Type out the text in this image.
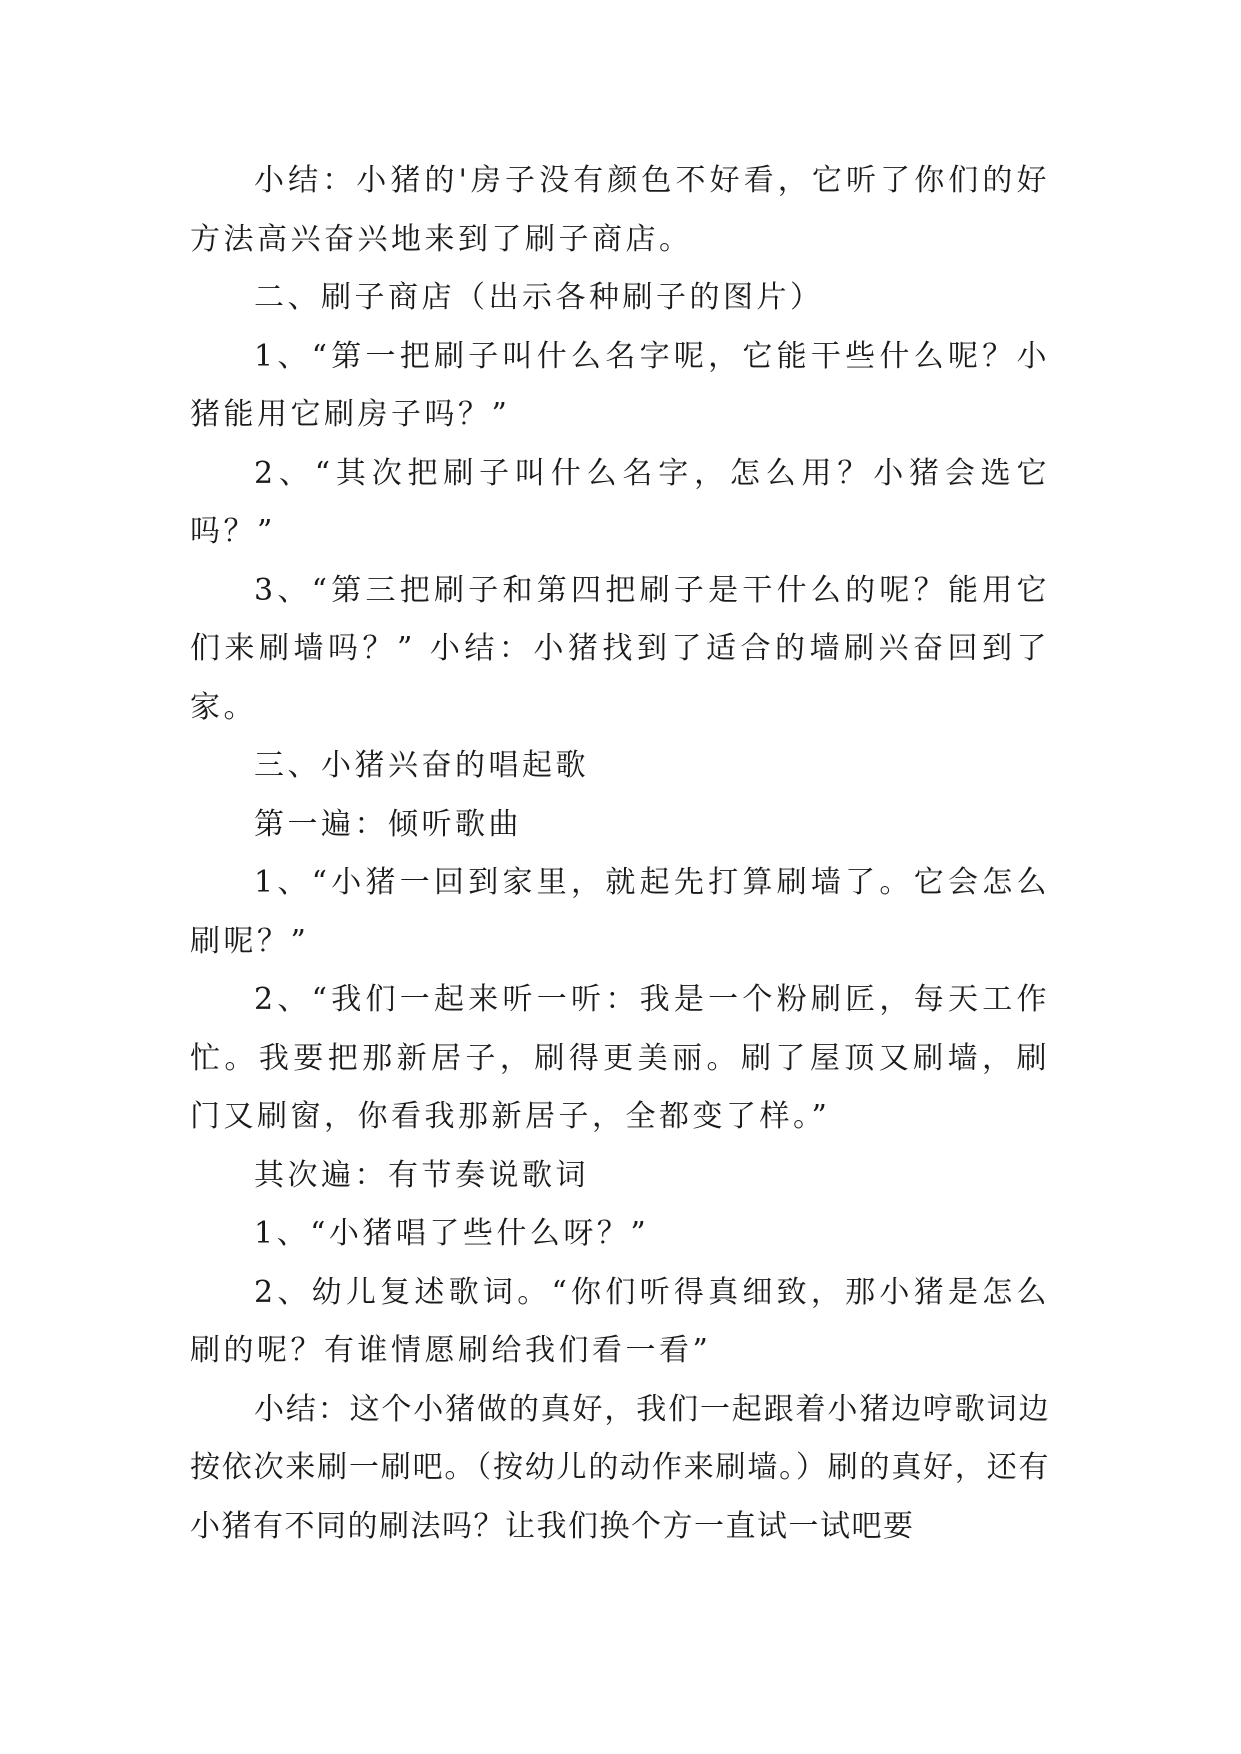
小结：小猪的'房子没有颜色不好看，它听了你们的好方法高兴奋兴地来到了刷子商店。

二、刷子商店（出示各种刷子的图片）

1、“第一把刷子叫什么名字呢，它能干些什么呢？小猪能用它刷房子吗？”

2、“其次把刷子叫什么名字，怎么用？小猪会选它吗？”

3、“第三把刷子和第四把刷子是干什么的呢？能用它们来刷墙吗？” 小结：小猪找到了适合的墙刷兴奋回到了家。

三、小猪兴奋的唱起歌

第一遍：倾听歌曲

1、“小猪一回到家里，就起先打算刷墙了。它会怎么刷呢？”

2、“我们一起来听一听：我是一个粉刷匠，每天工作忙。我要把那新居子，刷得更美丽。刷了屋顶又刷墙，刷门又刷窗，你看我那新居子，全都变了样。”

其次遍：有节奏说歌词

1、“小猪唱了些什么呀？”

2、幼儿复述歌词。“你们听得真细致，那小猪是怎么刷的呢？有谁情愿刷给我们看一看”

小结：这个小猪做的真好，我们一起跟着小猪边哼歌词边按依次来刷一刷吧。（按幼儿的动作来刷墙。）刷的真好，还有小猪有不同的刷法吗？让我们换个方一直试一试吧要
